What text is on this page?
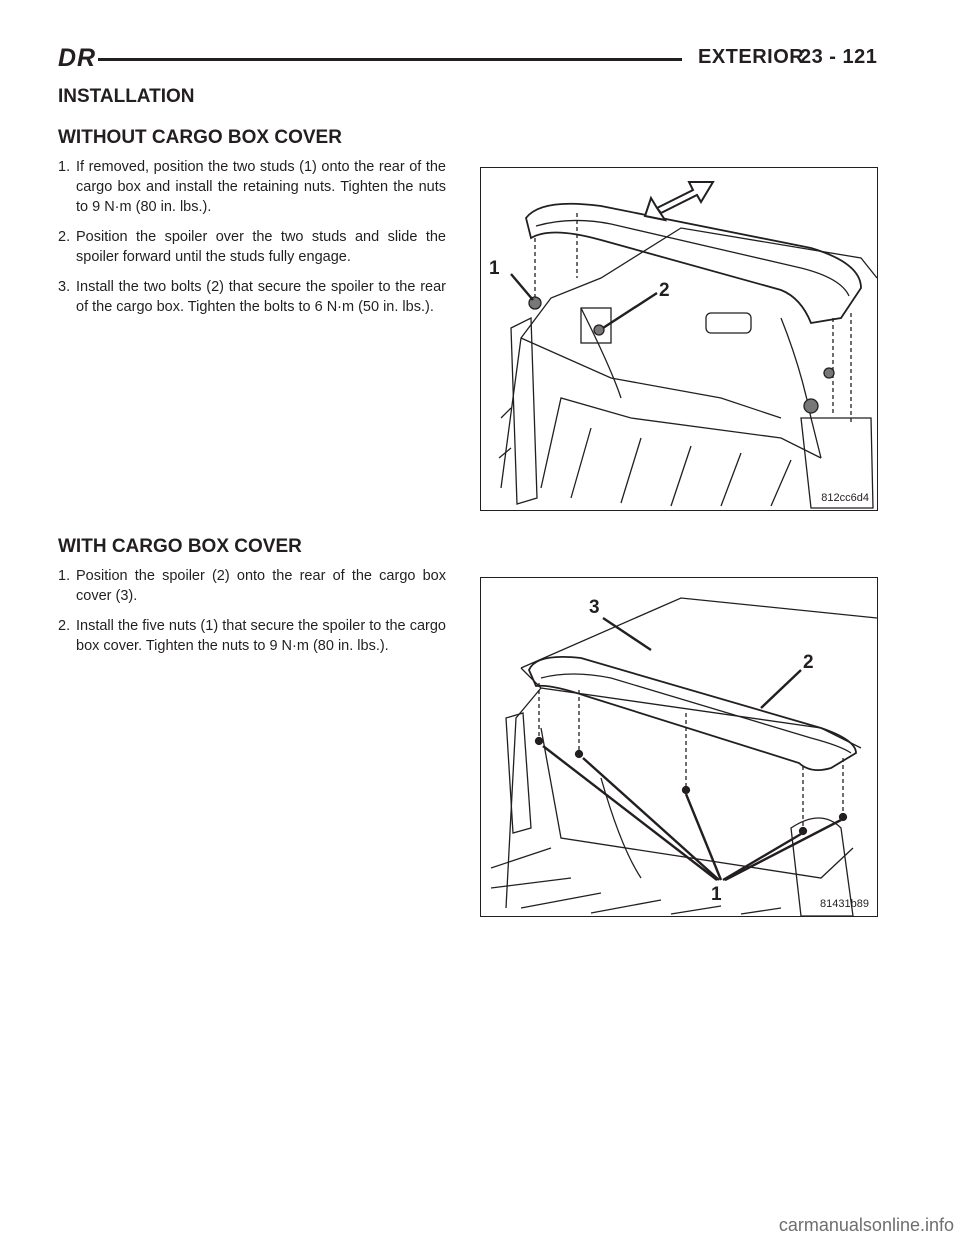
DR	EXTERIOR
23 - 121
INSTALLATION
WITHOUT CARGO BOX COVER
1. If removed, position the two studs (1) onto the rear of the cargo box and install the retaining nuts. Tighten the nuts to 9 N·m (80 in. lbs.).
2. Position the spoiler over the two studs and slide the spoiler forward until the studs fully engage.
3. Install the two bolts (2) that secure the spoiler to the rear of the cargo box. Tighten the bolts to 6 N·m (50 in. lbs.).
1
2
812cc6d4
WITH CARGO BOX COVER
1. Position the spoiler (2) onto the rear of the cargo box cover (3).
2. Install the five nuts (1) that secure the spoiler to the cargo box cover. Tighten the nuts to 9 N·m (80 in. lbs.).
3
2
1	81431b89
carmanualsonline.info
